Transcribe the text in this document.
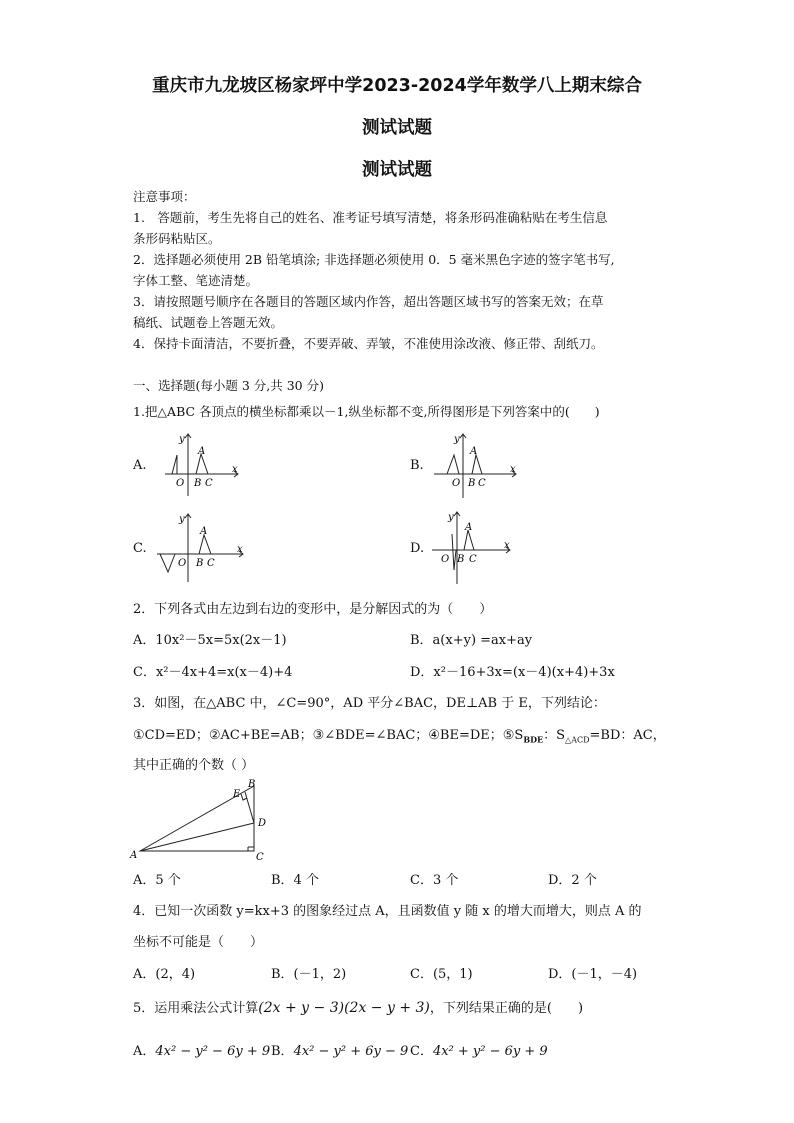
重庆市九龙坡区杨家坪中学2023-2024学年数学八上期末综合
测试试题
测试试题
注意事项：
1.　答题前，考生先将自己的姓名、准考证号填写清楚，将条形码准确粘贴在考生信息
条形码粘贴区。
2．选择题必须使用 2B 铅笔填涂; 非选择题必须使用 0．5 毫米黑色字迹的签字笔书写,
字体工整、笔迹清楚。
3．请按照题号顺序在各题目的答题区域内作答，超出答题区域书写的答案无效；在草
稿纸、试题卷上答题无效。
4．保持卡面清洁，不要折叠，不要弄破、弄皱，不准使用涂改液、修正带、刮纸刀。
一、选择题(每小题 3 分,共 30 分)
1.把△ABC 各顶点的横坐标都乘以－1,纵坐标都不变,所得图形是下列答案中的(　　)
A.	B.
C.	D.
y
x
O
A
B C
y
x
O
A
B C
y
x
O
A
B C
y
x
O
A
B C
2．下列各式由左边到右边的变形中，是分解因式的为（　　）
A．10x²－5x=5x(2x－1)	B．a(x+y) =ax+ay
C．x²－4x+4=x(x－4)+4	D．x²－16+3x=(x－4)(x+4)+3x
3．如图，在△ABC 中，∠C=90°，AD 平分∠BAC，DE⊥AB 于 E，下列结论：
①CD=ED；②AC+BE=AB；③∠BDE=∠BAC；④BE=DE；$⑤S_{BDE}$：$S_{\triangle ACD}=BD$：AC，
其中正确的个数（ ）
A
B
C
D
E
A．5 个	B．4 个	C．3 个	D．2 个
4．已知一次函数 y=kx+3 的图象经过点 A，且函数值 y 随 x 的增大而增大，则点 A 的
坐标不可能是（　　）
A．(2，4)	B．(－1，2)	C．(5，1)	D．(－1，－4)
5．运用乘法公式计算(2x + y − 3)(2x − y + 3)，下列结果正确的是(　　)
A．4x² − y² − 6y + 9 B．4x² − y² + 6y − 9 C．4x² + y² − 6y + 9
